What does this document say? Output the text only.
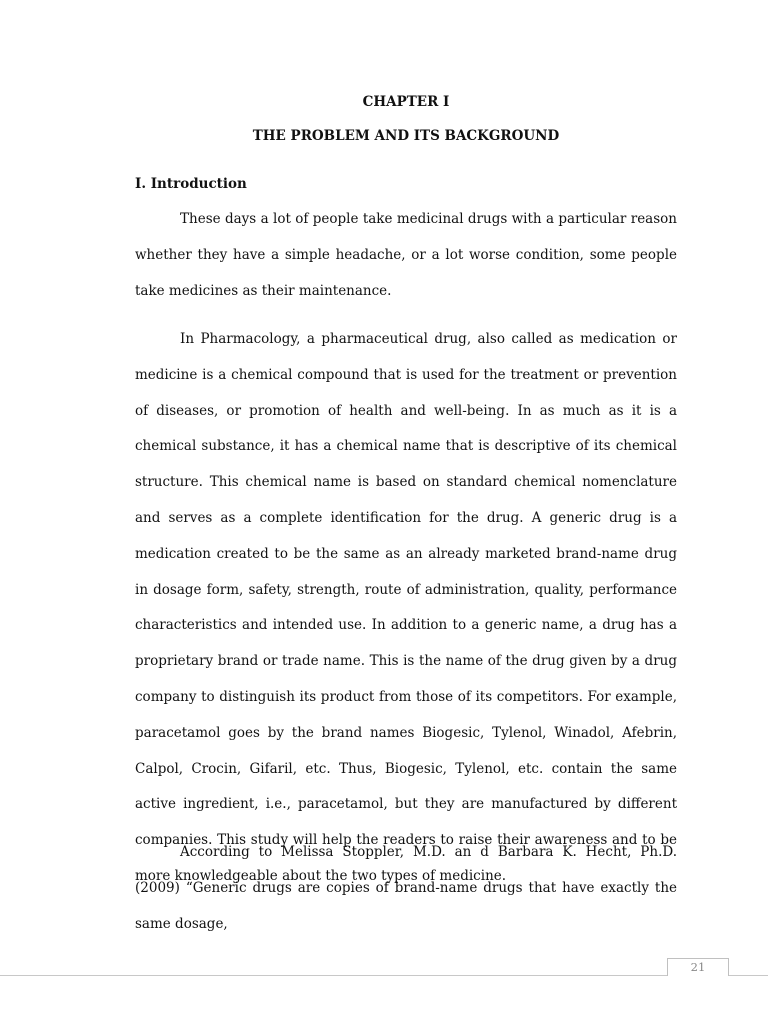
CHAPTER I
THE PROBLEM AND ITS BACKGROUND
I. Introduction

These days a lot of people take medicinal drugs with a particular reason whether they have a simple headache, or a lot worse condition, some people take medicines as their maintenance.

In Pharmacology, a pharmaceutical drug, also called as medication or medicine is a chemical compound that is used for the treatment or prevention of diseases, or promotion of health and well-being. In as much as it is a chemical substance, it has a chemical name that is descriptive of its chemical structure. This chemical name is based on standard chemical nomenclature and serves as a complete identification for the drug. A generic drug is a medication created to be the same as an already marketed brand-name drug in dosage form, safety, strength, route of administration, quality, performance characteristics and intended use. In addition to a generic name, a drug has a proprietary brand or trade name. This is the name of the drug given by a drug company to distinguish its product from those of its competitors. For example, paracetamol goes by the brand names Biogesic, Tylenol, Winadol, Afebrin, Calpol, Crocin, Gifaril, etc. Thus, Biogesic, Tylenol, etc. contain the same active ingredient, i.e., paracetamol, but they are manufactured by different companies. This study will help the readers to raise their awareness and to be more knowledgeable about the two types of medicine.

According to Melissa Stoppler, M.D. an d Barbara K. Hecht, Ph.D. (2009) “Generic drugs are copies of brand-name drugs that have exactly the same dosage,

21
